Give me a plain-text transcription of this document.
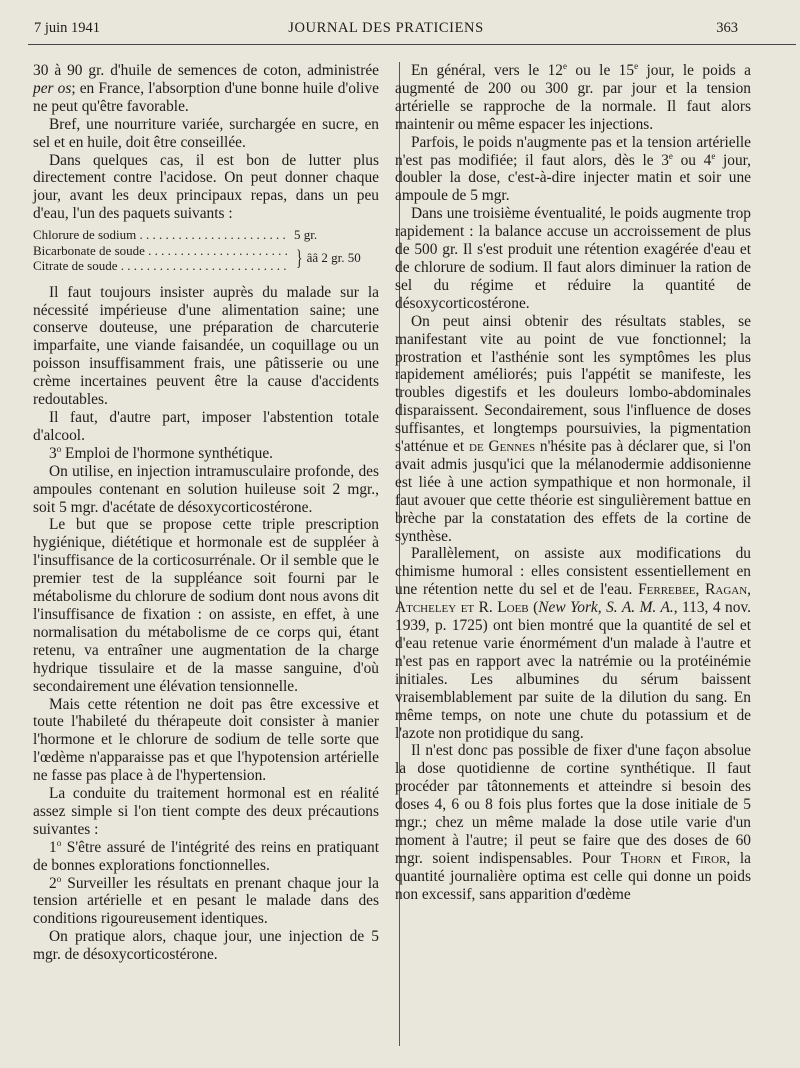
7 juin 1941	JOURNAL DES PRATICIENS	363

30 à 90 gr. d'huile de semences de coton, administrée per os; en France, l'absorption d'une bonne huile d'olive ne peut qu'être favorable.

Bref, une nourriture variée, surchargée en sucre, en sel et en huile, doit être conseillée.

Dans quelques cas, il est bon de lutter plus directement contre l'acidose. On peut donner chaque jour, avant les deux principaux repas, dans un peu d'eau, l'un des paquets suivants :

Chlorure de sodium . . .
Bicarbonate de soude . . .
Citrate de soude . . .
5 gr.
} ââ 2 gr. 50

Il faut toujours insister auprès du malade sur la nécessité impérieuse d'une alimentation saine; une conserve douteuse, une préparation de charcuterie imparfaite, une viande faisandée, un coquillage ou un poisson insuffisamment frais, une pâtisserie ou une crème incertaines peuvent être la cause d'accidents redoutables.

Il faut, d'autre part, imposer l'abstention totale d'alcool.

3$^o$ Emploi de l'hormone synthétique.

On utilise, en injection intramusculaire profonde, des ampoules contenant en solution huileuse soit 2 mgr., soit 5 mgr. d'acétate de désoxycorticostérone.

Le but que se propose cette triple prescription hygiénique, diététique et hormonale est de suppléer à l'insuffisance de la corticosurrénale. Or il semble que le premier test de la suppléance soit fourni par le métabolisme du chlorure de sodium dont nous avons dit l'insuffisance de fixation : on assiste, en effet, à une normalisation du métabolisme de ce corps qui, étant retenu, va entraîner une augmentation de la charge hydrique tissulaire et de la masse sanguine, d'où secondairement une élévation tensionnelle.

Mais cette rétention ne doit pas être excessive et toute l'habileté du thérapeute doit consister à manier l'hormone et le chlorure de sodium de telle sorte que l'œdème n'apparaisse pas et que l'hypotension artérielle ne fasse pas place à de l'hypertension.

La conduite du traitement hormonal est en réalité assez simple si l'on tient compte des deux précautions suivantes :

1$^o$ S'être assuré de l'intégrité des reins en pratiquant de bonnes explorations fonctionnelles.

2$^o$ Surveiller les résultats en prenant chaque jour la tension artérielle et en pesant le malade dans des conditions rigoureusement identiques.

On pratique alors, chaque jour, une injection de 5 mgr. de désoxycorticostérone.

En général, vers le 12e ou le 15e jour, le poids a augmenté de 200 ou 300 gr. par jour et la tension artérielle se rapproche de la normale. Il faut alors maintenir ou même espacer les injections.

Parfois, le poids n'augmente pas et la tension artérielle n'est pas modifiée; il faut alors, dès le 3e ou 4e jour, doubler la dose, c'est-à-dire injecter matin et soir une ampoule de 5 mgr.

Dans une troisième éventualité, le poids augmente trop rapidement : la balance accuse un accroissement de plus de 500 gr. Il s'est produit une rétention exagérée d'eau et de chlorure de sodium. Il faut alors diminuer la ration de sel du régime et réduire la quantité de désoxycorticostérone.

On peut ainsi obtenir des résultats stables, se manifestant vite au point de vue fonctionnel; la prostration et l'asthénie sont les symptômes les plus rapidement améliorés; puis l'appétit se manifeste, les troubles digestifs et les douleurs lombo-abdominales disparaissent. Secondairement, sous l'influence de doses suffisantes, et longtemps poursuivies, la pigmentation s'atténue et de Gennes n'hésite pas à déclarer que, si l'on avait admis jusqu'ici que la mélanodermie addisonienne est liée à une action sympathique et non hormonale, il faut avouer que cette théorie est singulièrement battue en brèche par la constatation des effets de la cortine de synthèse.

Parallèlement, on assiste aux modifications du chimisme humoral : elles consistent essentiellement en une rétention nette du sel et de l'eau. Ferrebee, Ragan, Atcheley et R. Loeb (New York, S. A. M. A., 113, 4 nov. 1939, p. 1725) ont bien montré que la quantité de sel et d'eau retenue varie énormément d'un malade à l'autre et n'est pas en rapport avec la natrémie ou la protéinémie initiales. Les albumines du sérum baissent vraisemblablement par suite de la dilution du sang. En même temps, on note une chute du potassium et de l'azote non protidique du sang.

Il n'est donc pas possible de fixer d'une façon absolue la dose quotidienne de cortine synthétique. Il faut procéder par tâtonnements et atteindre si besoin des doses 4, 6 ou 8 fois plus fortes que la dose initiale de 5 mgr.; chez un même malade la dose utile varie d'un moment à l'autre; il peut se faire que des doses de 60 mgr. soient indispensables. Pour Thorn et Firor, la quantité journalière optima est celle qui donne un poids non excessif, sans apparition d'œdème
